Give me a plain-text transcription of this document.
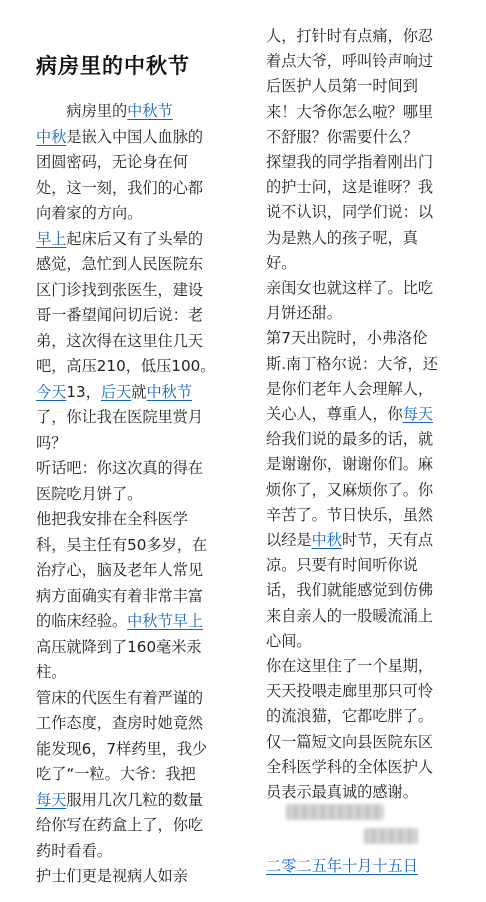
病房里的中秋节
　　病房里的中秋节
中秋是嵌入中国人血脉的
团圆密码，无论身在何
处，这一刻，我们的心都
向着家的方向。
早上起床后又有了头晕的
感觉，急忙到人民医院东
区门诊找到张医生，建设
哥一番望闻问切后说：老
弟，这次得在这里住几天
吧，高压210，低压100。
今天13，后天就中秋节
了，你让我在医院里赏月
吗？
听话吧：你这次真的得在
医院吃月饼了。
他把我安排在全科医学
科，吴主任有50多岁，在
治疗心，脑及老年人常见
病方面确实有着非常丰富
的临床经验。中秋节早上
高压就降到了160毫米汞
柱。
管床的代医生有着严谨的
工作态度，查房时她竟然
能发现6，7样药里，我少
吃了“一粒。大爷：我把
每天服用几次几粒的数量
给你写在药盒上了，你吃
药时看看。
护士们更是视病人如亲
人，打针时有点痛，你忍
着点大爷，呼叫铃声响过
后医护人员第一时间到
来！大爷你怎么啦？哪里
不舒服？你需要什么？
探望我的同学指着刚出门
的护士问，这是谁呀？我
说不认识，同学们说：以
为是熟人的孩子呢，真
好。
亲闺女也就这样了。比吃
月饼还甜。
第7天出院时，小弗洛伦
斯.南丁格尔说：大爷，还
是你们老年人会理解人，
关心人，尊重人，你每天
给我们说的最多的话，就
是谢谢你，谢谢你们。麻
烦你了，又麻烦你了。你
辛苦了。节日快乐，虽然
以经是中秋时节，天有点
凉。只要有时间听你说
话，我们就能感觉到仿佛
来自亲人的一股暖流涌上
心间。
你在这里住了一个星期，
天天投喂走廊里那只可怜
的流浪猫，它都吃胖了。
仅一篇短文向县医院东区
全科医学科的全体医护人
员表示最真诚的感谢。
二零二五年十月十五日
